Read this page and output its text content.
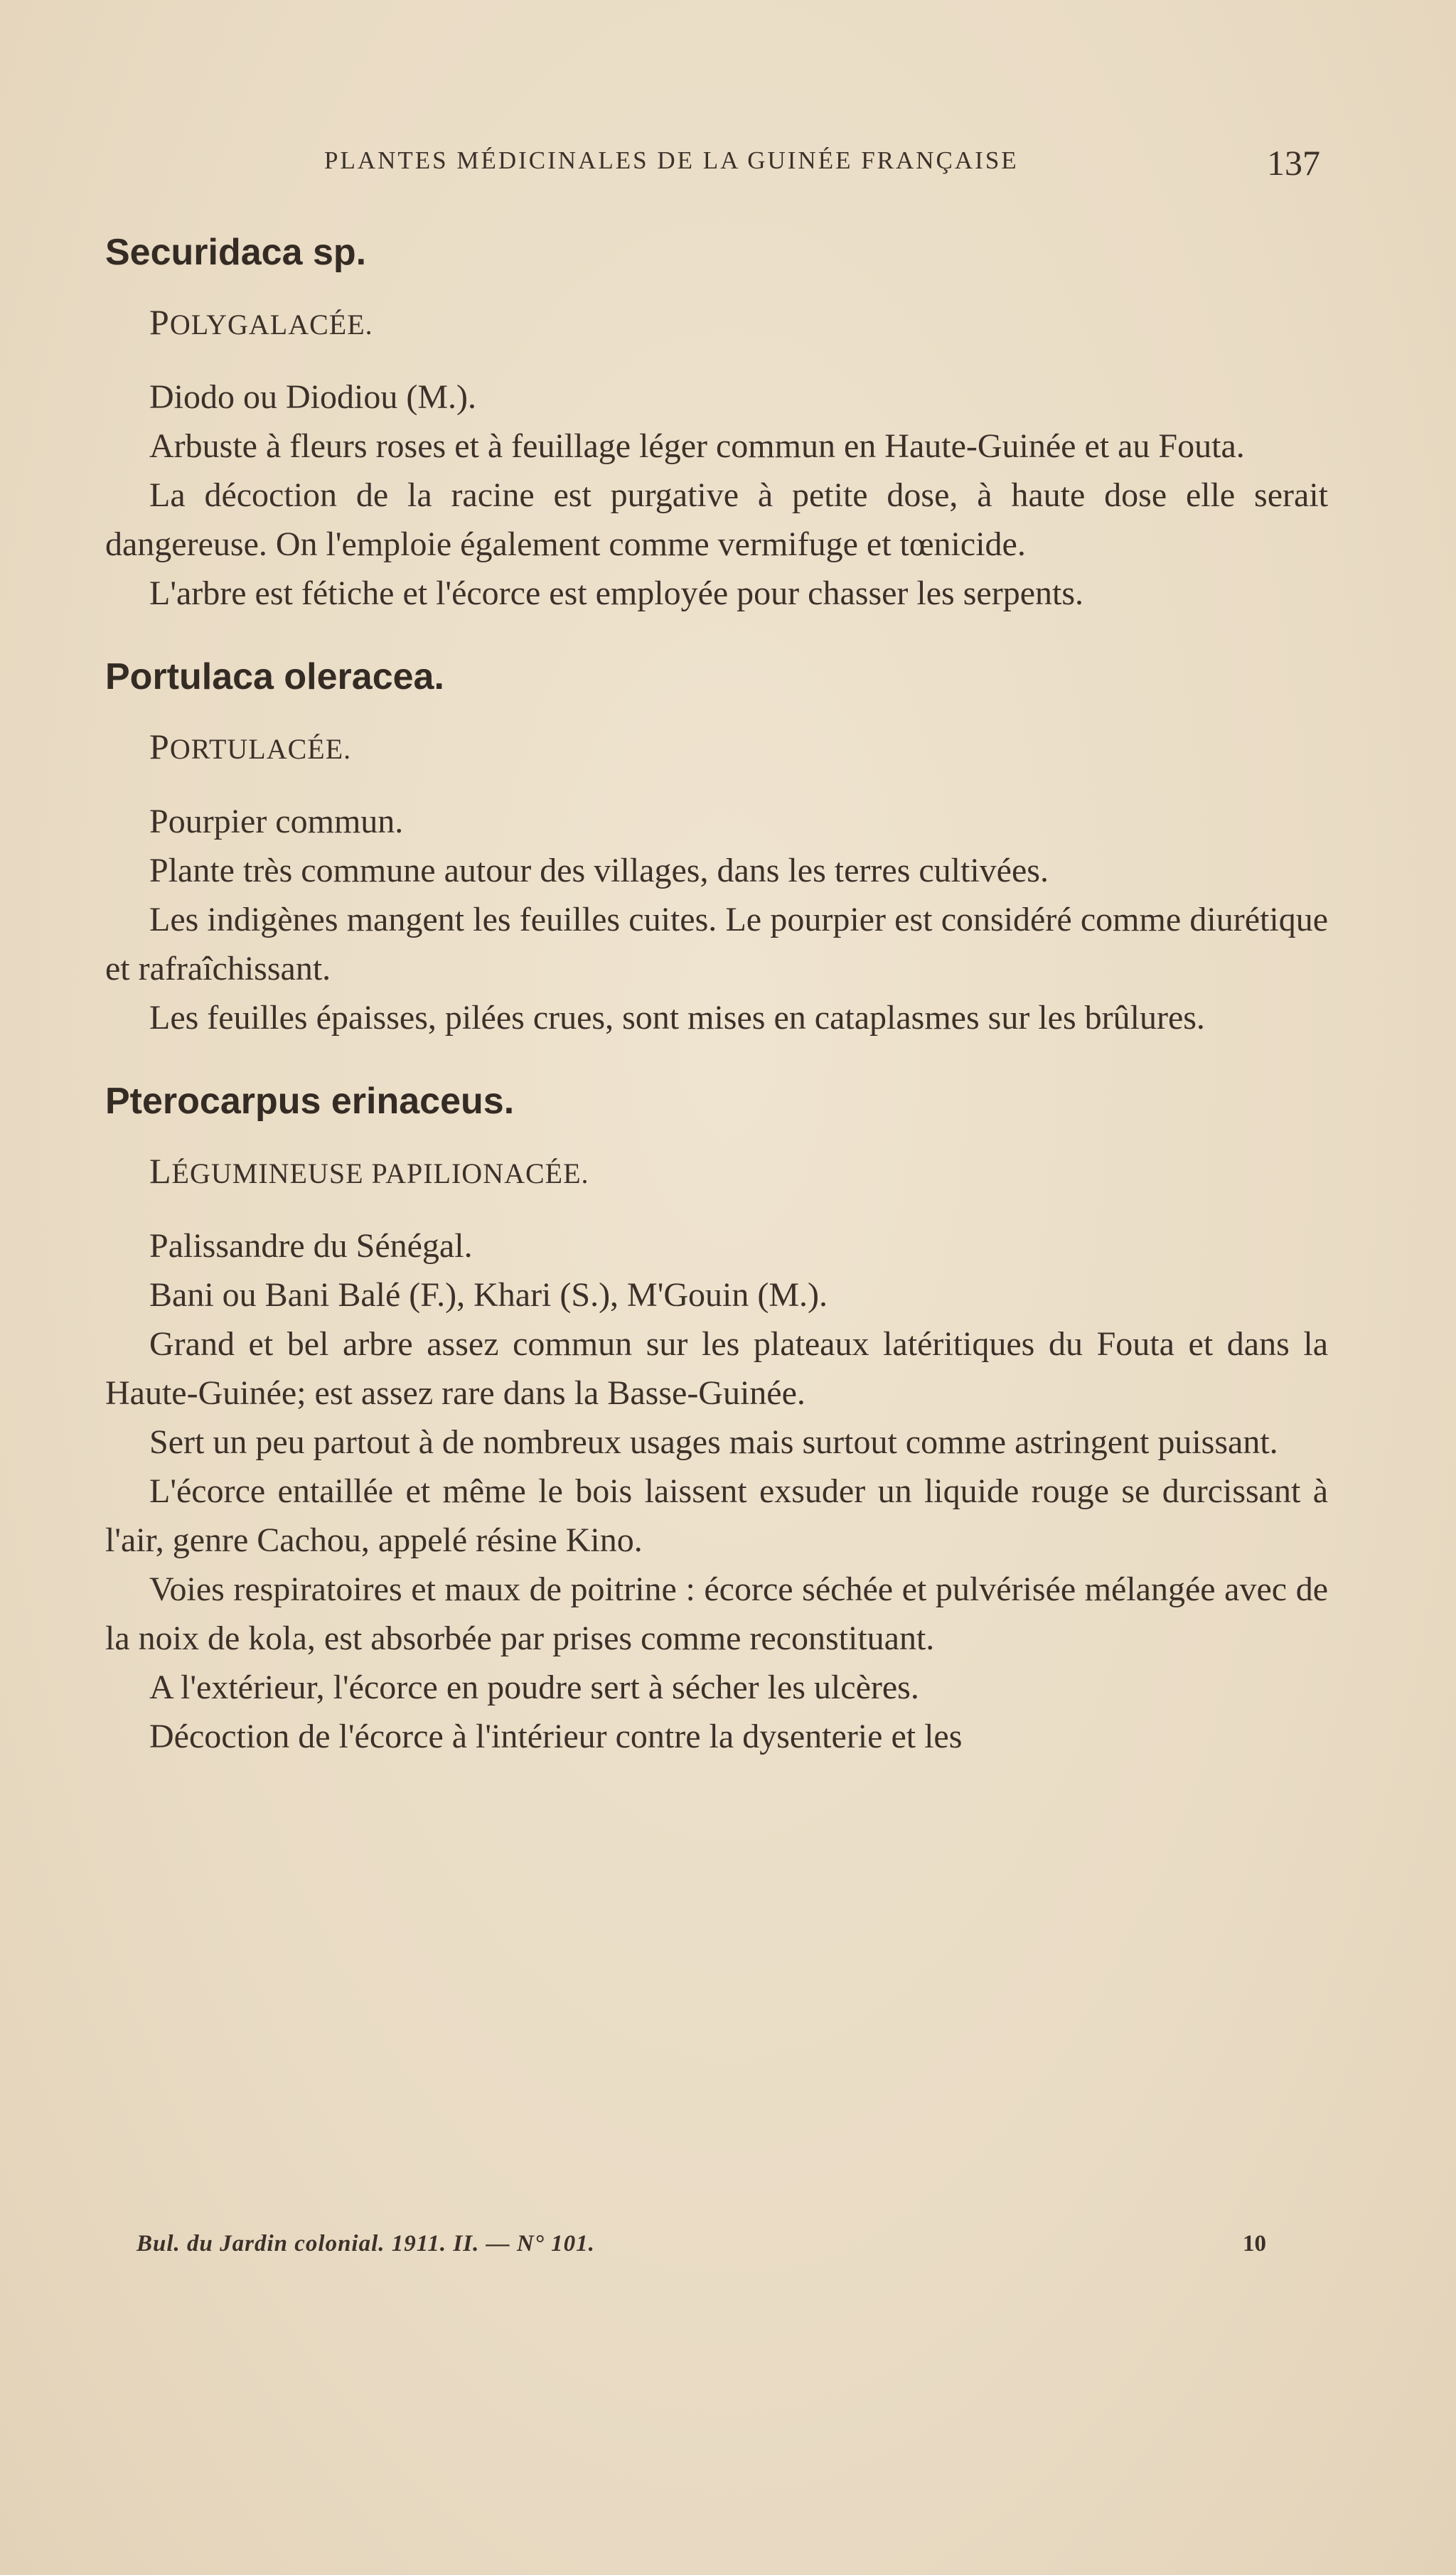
PLANTES MÉDICINALES DE LA GUINÉE FRANÇAISE	137
Securidaca sp.
POLYGALACÉE.

Diodo ou Diodiou (M.).

Arbuste à fleurs roses et à feuillage léger commun en Haute-Guinée et au Fouta.

La décoction de la racine est purgative à petite dose, à haute dose elle serait dangereuse. On l'emploie également comme vermifuge et tœnicide.

L'arbre est fétiche et l'écorce est employée pour chasser les serpents.

Portulaca oleracea.
PORTULACÉE.

Pourpier commun.

Plante très commune autour des villages, dans les terres cultivées.

Les indigènes mangent les feuilles cuites. Le pourpier est considéré comme diurétique et rafraîchissant.

Les feuilles épaisses, pilées crues, sont mises en cataplasmes sur les brûlures.

Pterocarpus erinaceus.
LÉGUMINEUSE PAPILIONACÉE.

Palissandre du Sénégal.

Bani ou Bani Balé (F.), Khari (S.), M'Gouin (M.).

Grand et bel arbre assez commun sur les plateaux latéritiques du Fouta et dans la Haute-Guinée; est assez rare dans la Basse-Guinée.

Sert un peu partout à de nombreux usages mais surtout comme astringent puissant.

L'écorce entaillée et même le bois laissent exsuder un liquide rouge se durcissant à l'air, genre Cachou, appelé résine Kino.

Voies respiratoires et maux de poitrine : écorce séchée et pulvérisée mélangée avec de la noix de kola, est absorbée par prises comme reconstituant.

A l'extérieur, l'écorce en poudre sert à sécher les ulcères.

Décoction de l'écorce à l'intérieur contre la dysenterie et les

Bul. du Jardin colonial. 1911. II. — N° 101.	10
